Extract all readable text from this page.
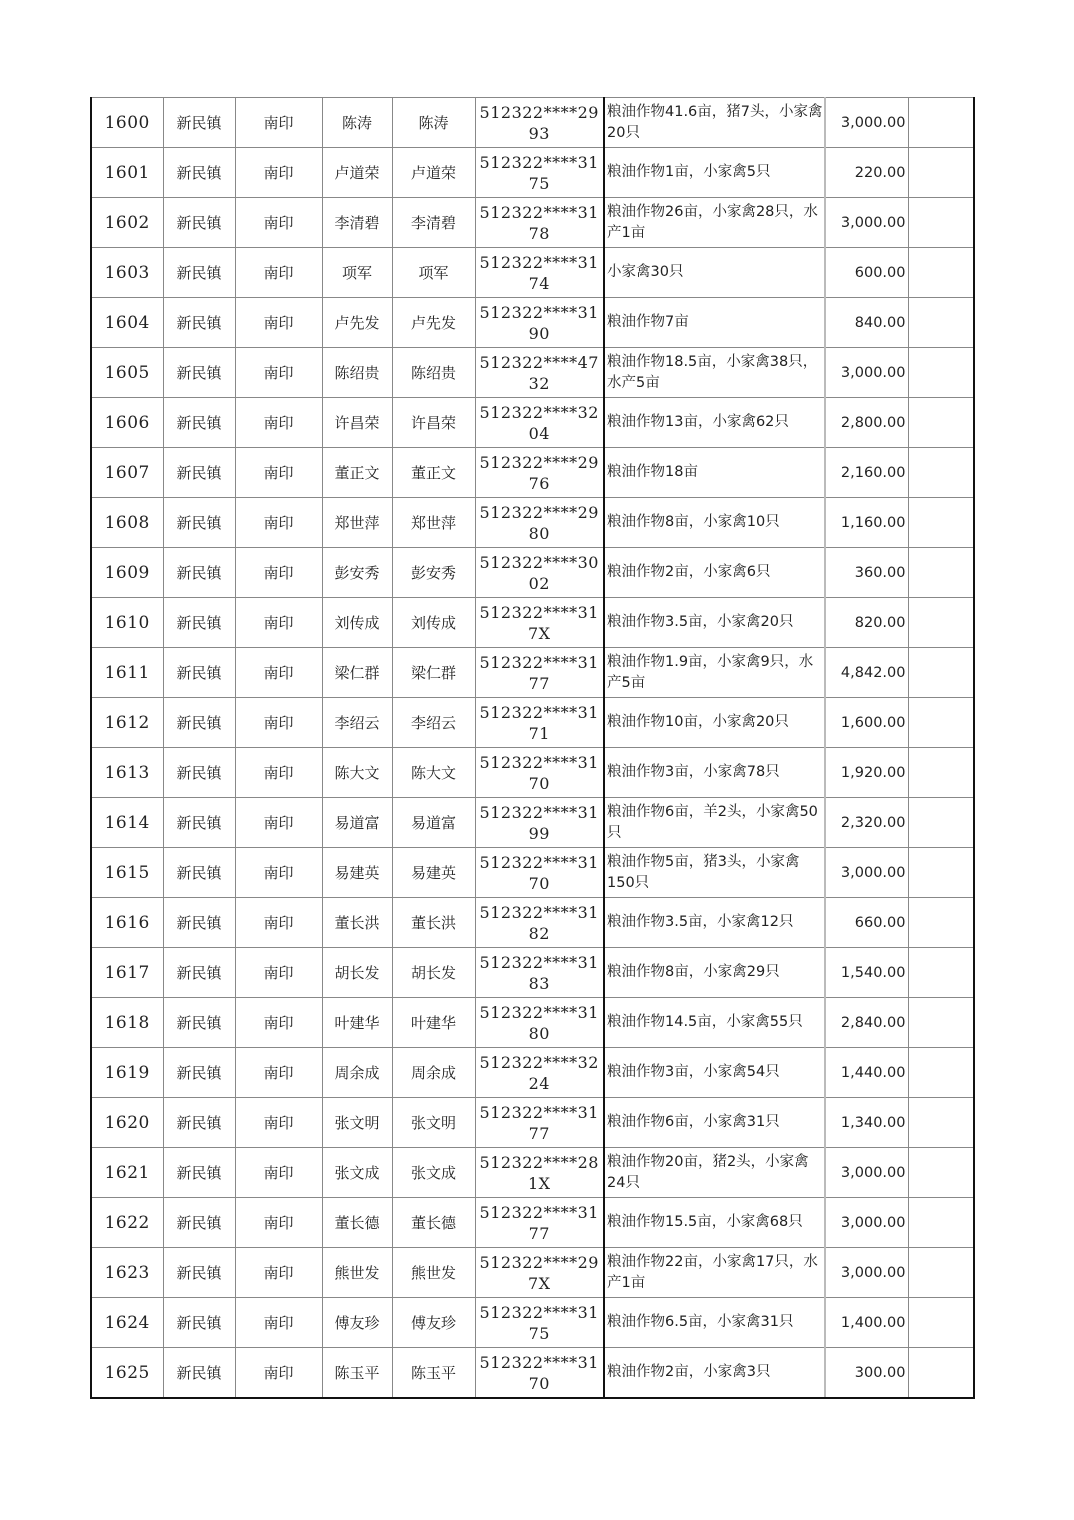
1600	新民镇	南印	陈涛	陈涛	512322****2993	粮油作物41.6亩，猪7头，小家禽20只	3,000.00	
1601	新民镇	南印	卢道荣	卢道荣	512322****3175	粮油作物1亩，小家禽5只	220.00	
1602	新民镇	南印	李清碧	李清碧	512322****3178	粮油作物26亩，小家禽28只，水产1亩	3,000.00	
1603	新民镇	南印	项军	项军	512322****3174	小家禽30只	600.00	
1604	新民镇	南印	卢先发	卢先发	512322****3190	粮油作物7亩	840.00	
1605	新民镇	南印	陈绍贵	陈绍贵	512322****4732	粮油作物18.5亩，小家禽38只，水产5亩	3,000.00	
1606	新民镇	南印	许昌荣	许昌荣	512322****3204	粮油作物13亩，小家禽62只	2,800.00	
1607	新民镇	南印	董正文	董正文	512322****2976	粮油作物18亩	2,160.00	
1608	新民镇	南印	郑世萍	郑世萍	512322****2980	粮油作物8亩，小家禽10只	1,160.00	
1609	新民镇	南印	彭安秀	彭安秀	512322****3002	粮油作物2亩，小家禽6只	360.00	
1610	新民镇	南印	刘传成	刘传成	512322****317X	粮油作物3.5亩，小家禽20只	820.00	
1611	新民镇	南印	梁仁群	梁仁群	512322****3177	粮油作物1.9亩，小家禽9只，水产5亩	4,842.00	
1612	新民镇	南印	李绍云	李绍云	512322****3171	粮油作物10亩，小家禽20只	1,600.00	
1613	新民镇	南印	陈大文	陈大文	512322****3170	粮油作物3亩，小家禽78只	1,920.00	
1614	新民镇	南印	易道富	易道富	512322****3199	粮油作物6亩，羊2头，小家禽50只	2,320.00	
1615	新民镇	南印	易建英	易建英	512322****3170	粮油作物5亩，猪3头，小家禽150只	3,000.00	
1616	新民镇	南印	董长洪	董长洪	512322****3182	粮油作物3.5亩，小家禽12只	660.00	
1617	新民镇	南印	胡长发	胡长发	512322****3183	粮油作物8亩，小家禽29只	1,540.00	
1618	新民镇	南印	叶建华	叶建华	512322****3180	粮油作物14.5亩，小家禽55只	2,840.00	
1619	新民镇	南印	周余成	周余成	512322****3224	粮油作物3亩，小家禽54只	1,440.00	
1620	新民镇	南印	张文明	张文明	512322****3177	粮油作物6亩，小家禽31只	1,340.00	
1621	新民镇	南印	张文成	张文成	512322****281X	粮油作物20亩，猪2头，小家禽24只	3,000.00	
1622	新民镇	南印	董长德	董长德	512322****3177	粮油作物15.5亩，小家禽68只	3,000.00	
1623	新民镇	南印	熊世发	熊世发	512322****297X	粮油作物22亩，小家禽17只，水产1亩	3,000.00	
1624	新民镇	南印	傅友珍	傅友珍	512322****3175	粮油作物6.5亩，小家禽31只	1,400.00	
1625	新民镇	南印	陈玉平	陈玉平	512322****3170	粮油作物2亩，小家禽3只	300.00	
